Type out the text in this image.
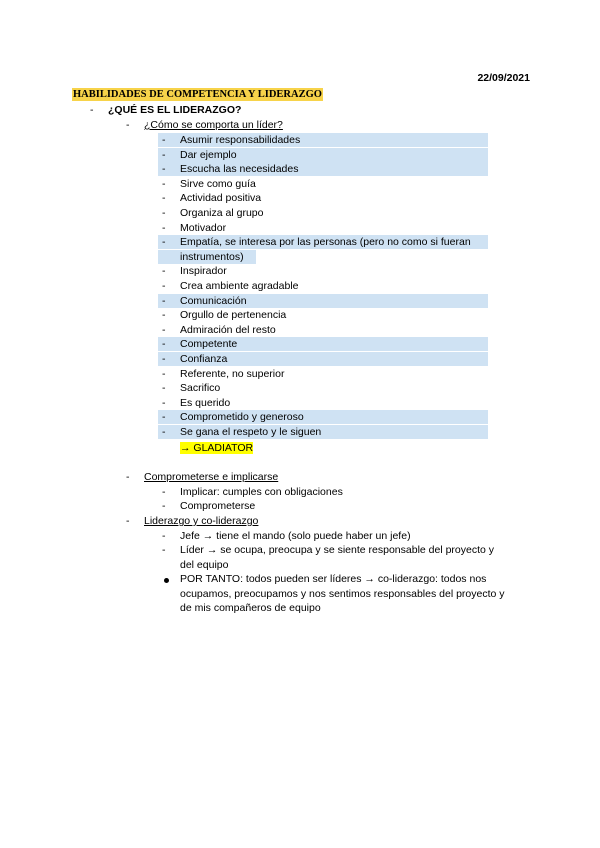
22/09/2021
HABILIDADES DE COMPETENCIA Y LIDERAZGO
- ¿QUÉ ES EL LIDERAZGO?
- ¿Cómo se comporta un líder?
- Asumir responsabilidades
- Dar ejemplo
- Escucha las necesidades
- Sirve como guía
- Actividad positiva
- Organiza al grupo
- Motivador
- Empatía, se interesa por las personas (pero no como si fueran
instrumentos)
- Inspirador
- Crea ambiente agradable
- Comunicación
- Orgullo de pertenencia
- Admiración del resto
- Competente
- Confianza
- Referente, no superior
- Sacrifico
- Es querido
- Comprometido y generoso
- Se gana el respeto y le siguen
→ GLADIATOR
- Comprometerse e implicarse
- Implicar: cumples con obligaciones
- Comprometerse
- Liderazgo y co-liderazgo
- Jefe → tiene el mando (solo puede haber un jefe)
- Líder → se ocupa, preocupa y se siente responsable del proyecto y
del equipo
POR TANTO: todos pueden ser líderes → co-liderazgo: todos nos
ocupamos, preocupamos y nos sentimos responsables del proyecto y
de mis compañeros de equipo
